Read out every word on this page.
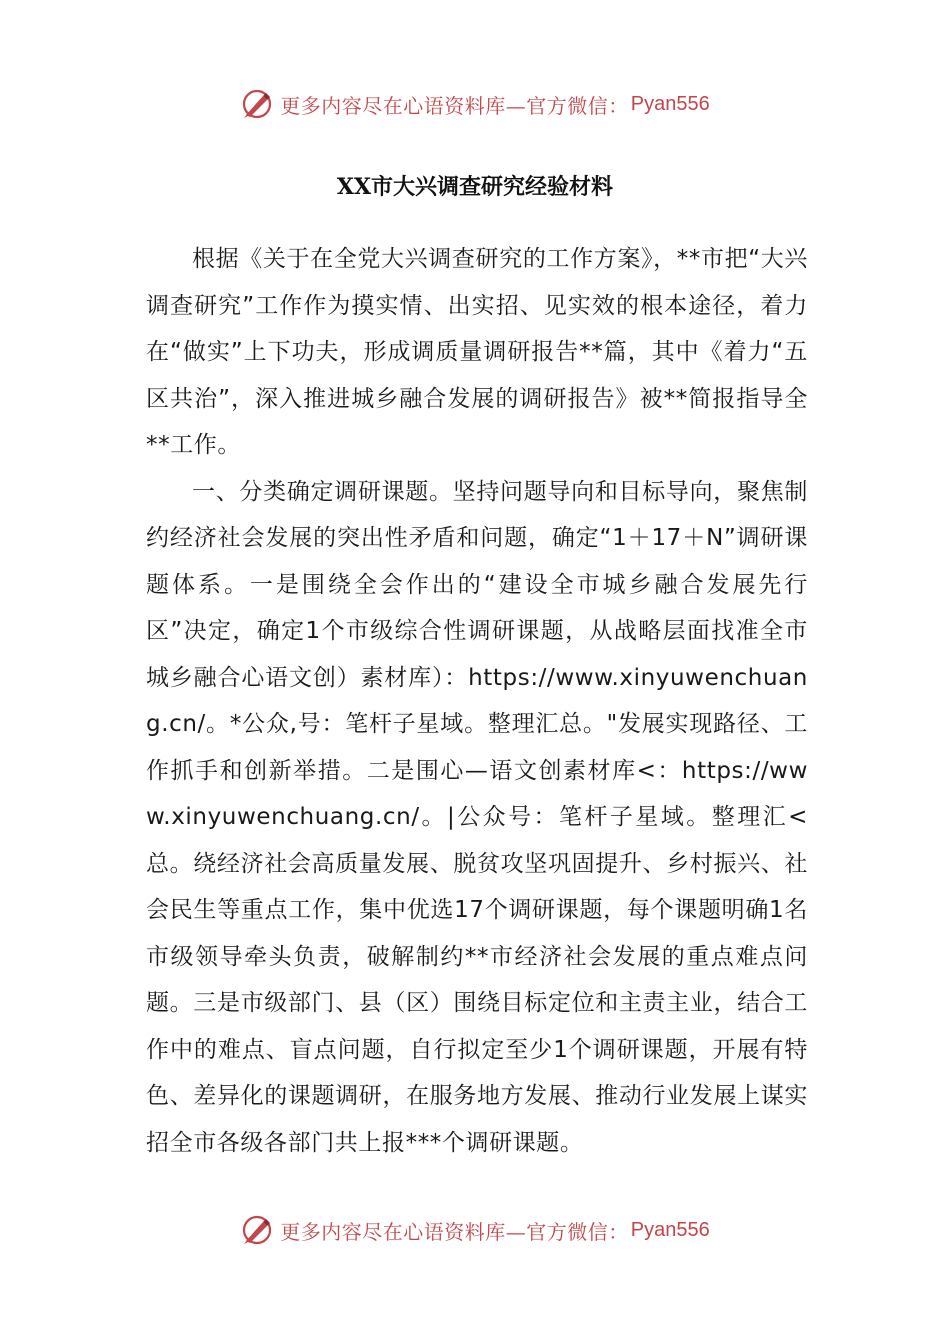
更多内容尽在心语资料库—官方微信： Pyan556
XX市大兴调查研究经验材料

根据《关于在全党大兴调查研究的工作方案》，**市把“大兴调查研究”工作作为摸实情、出实招、见实效的根本途径，着力在“做实”上下功夫，形成调质量调研报告**篇，其中《着力“五区共治”，深入推进城乡融合发展的调研报告》被**简报指导全**工作。

一、分类确定调研课题。坚持问题导向和目标导向，聚焦制约经济社会发展的突出性矛盾和问题，确定“1＋17＋N”调研课题体系。一是围绕全会作出的“建设全市城乡融合发展先行区”决定，确定1个市级综合性调研课题，从战略层面找准全市城乡融合心语文创）素材库）：https://www.xinyuwenchuang.cn/。*公众,号：笔杆子星域。整理汇总。"发展实现路径、工作抓手和创新举措。二是围心—语文创素材库<：https://www.xinyuwenchuang.cn/。|公众号：笔杆子星域。整理汇<总。绕经济社会高质量发展、脱贫攻坚巩固提升、乡村振兴、社会民生等重点工作，集中优选17个调研课题，每个课题明确1名市级领导牵头负责，破解制约**市经济社会发展的重点难点问题。三是市级部门、县（区）围绕目标定位和主责主业，结合工作中的难点、盲点问题，自行拟定至少1个调研课题，开展有特色、差异化的课题调研，在服务地方发展、推动行业发展上谋实招全市各级各部门共上报***个调研课题。

更多内容尽在心语资料库—官方微信： Pyan556
